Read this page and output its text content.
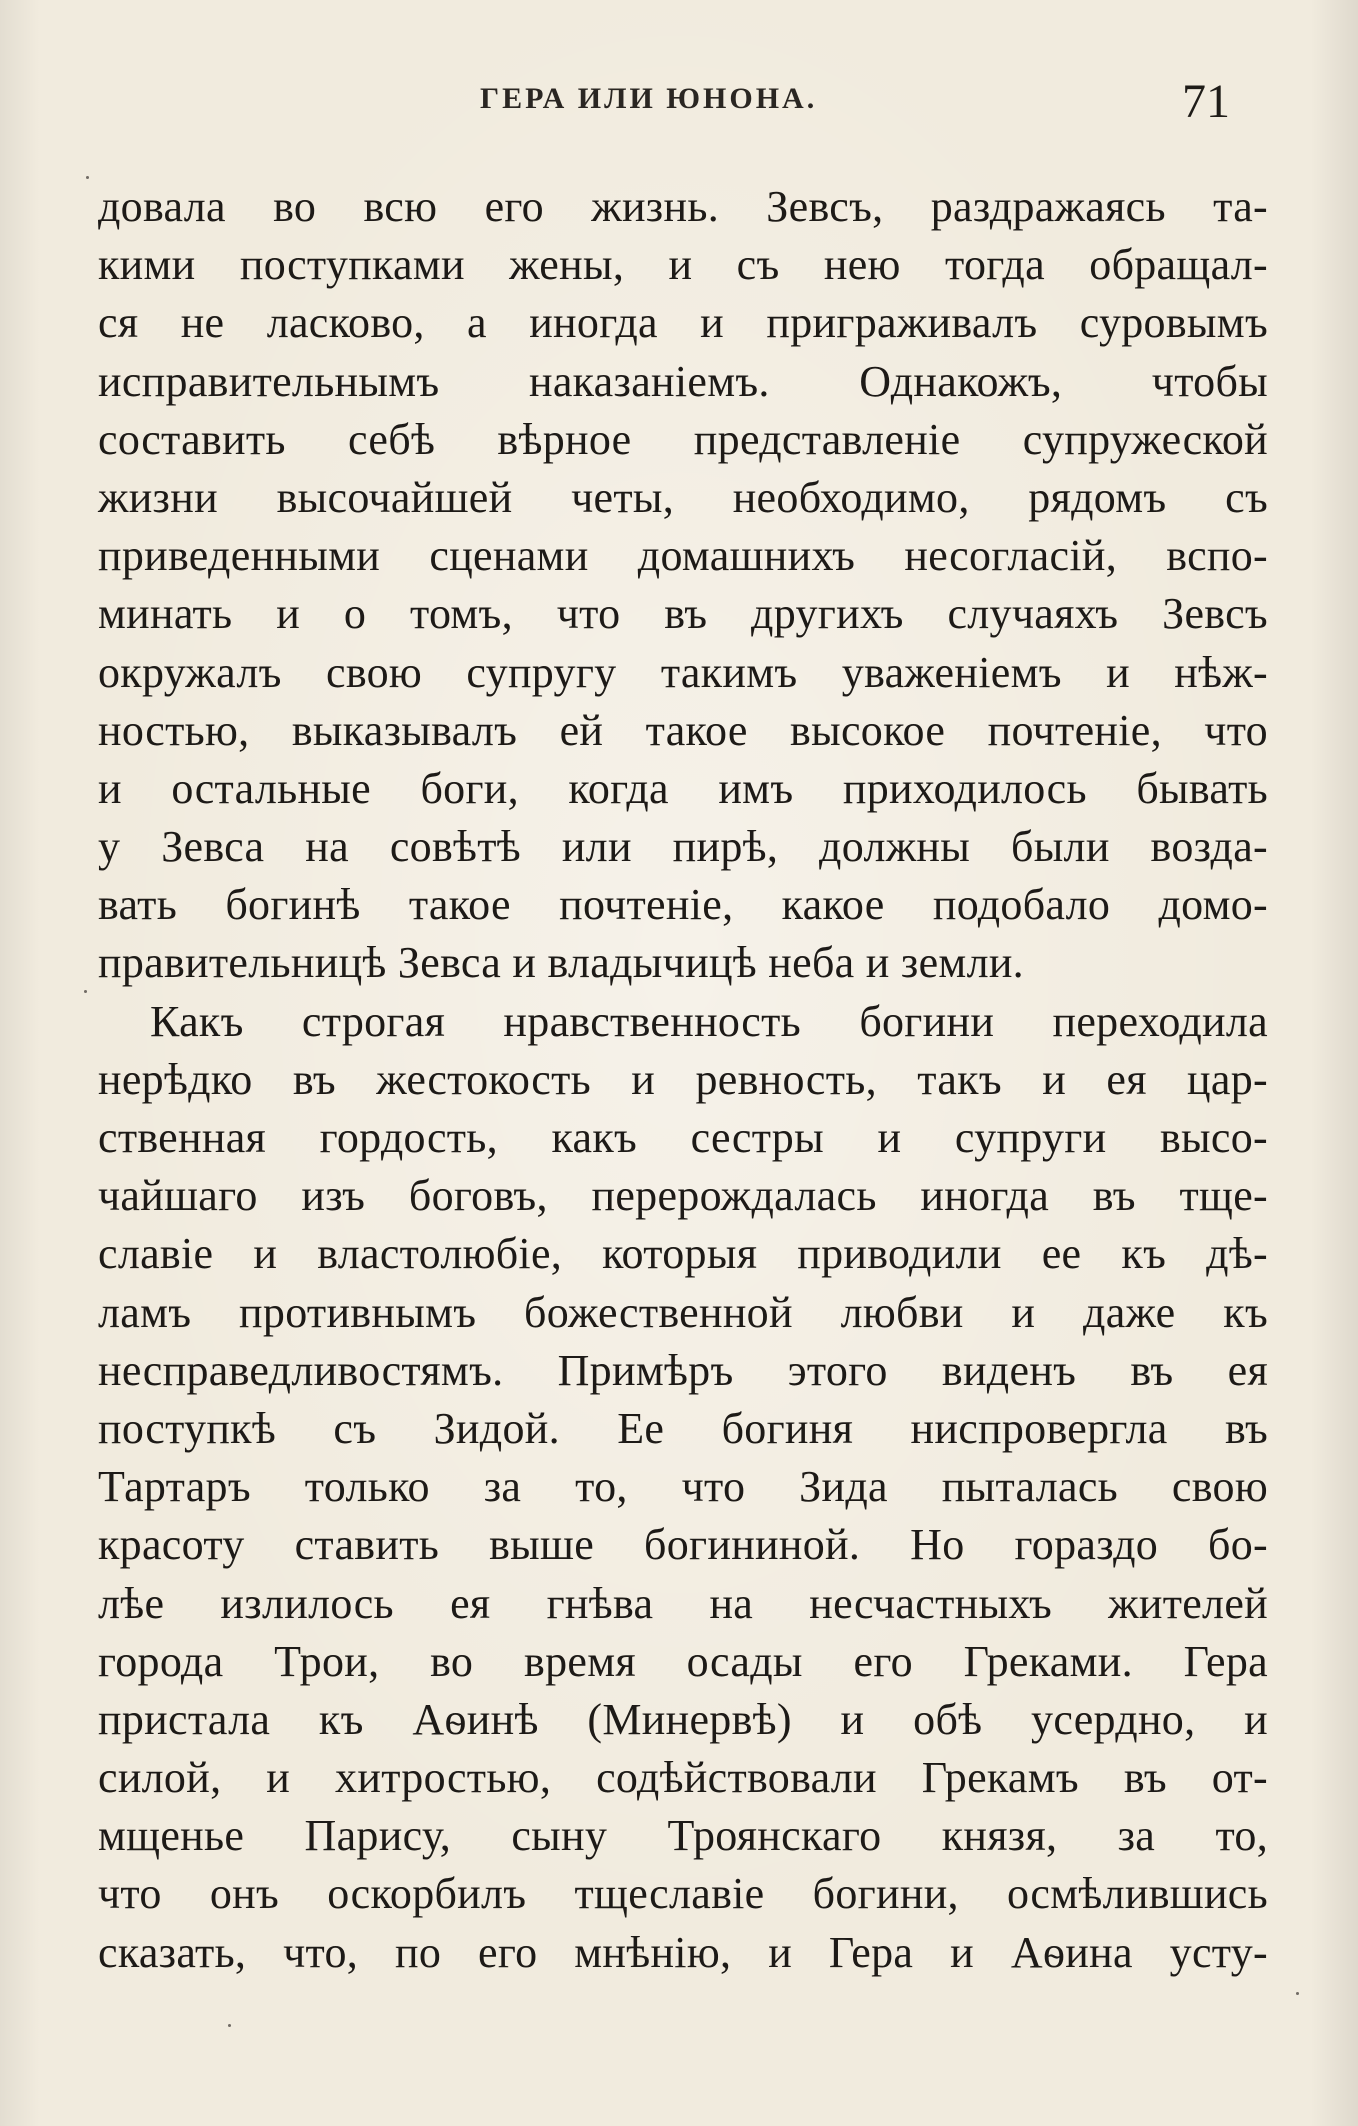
ГЕРА ИЛИ ЮНОНА.	71
довала во всю его жизнь. Зевсъ, раздражаясь та-
кими поступками жены, и съ нею тогда обращал-
ся не ласково, а иногда и приграживалъ суровымъ
исправительнымъ наказаніемъ. Однакожъ, чтобы
составить себѣ вѣрное представленіе супружеской
жизни высочайшей четы, необходимо, рядомъ съ
приведенными сценами домашнихъ несогласій, вспо-
минать и о томъ, что въ другихъ случаяхъ Зевсъ
окружалъ свою супругу такимъ уваженіемъ и нѣж-
ностью, выказывалъ ей такое высокое почтеніе, что
и остальные боги, когда имъ приходилось бывать
у Зевса на совѣтѣ или пирѣ, должны были возда-
вать богинѣ такое почтеніе, какое подобало домо-
правительницѣ Зевса и владычицѣ неба и земли.
Какъ строгая нравственность богини переходила
нерѣдко въ жестокость и ревность, такъ и ея цар-
ственная гордость, какъ сестры и супруги высо-
чайшаго изъ боговъ, перерождалась иногда въ тще-
славіе и властолюбіе, которыя приводили ее къ дѣ-
ламъ противнымъ божественной любви и даже къ
несправедливостямъ. Примѣръ этого виденъ въ ея
поступкѣ съ Зидой. Ее богиня ниспровергла въ
Тартаръ только за то, что Зида пыталась свою
красоту ставить выше богининой. Но гораздо бо-
лѣе излилось ея гнѣва на несчастныхъ жителей
города Трои, во время осады его Греками. Гера
пристала къ Аѳинѣ (Минервѣ) и обѣ усердно, и
силой, и хитростью, содѣйствовали Грекамъ въ от-
мщенье Парису, сыну Троянскаго князя, за то,
что онъ оскорбилъ тщеславіе богини, осмѣлившись
сказать, что, по его мнѣнію, и Гера и Аѳина усту-
